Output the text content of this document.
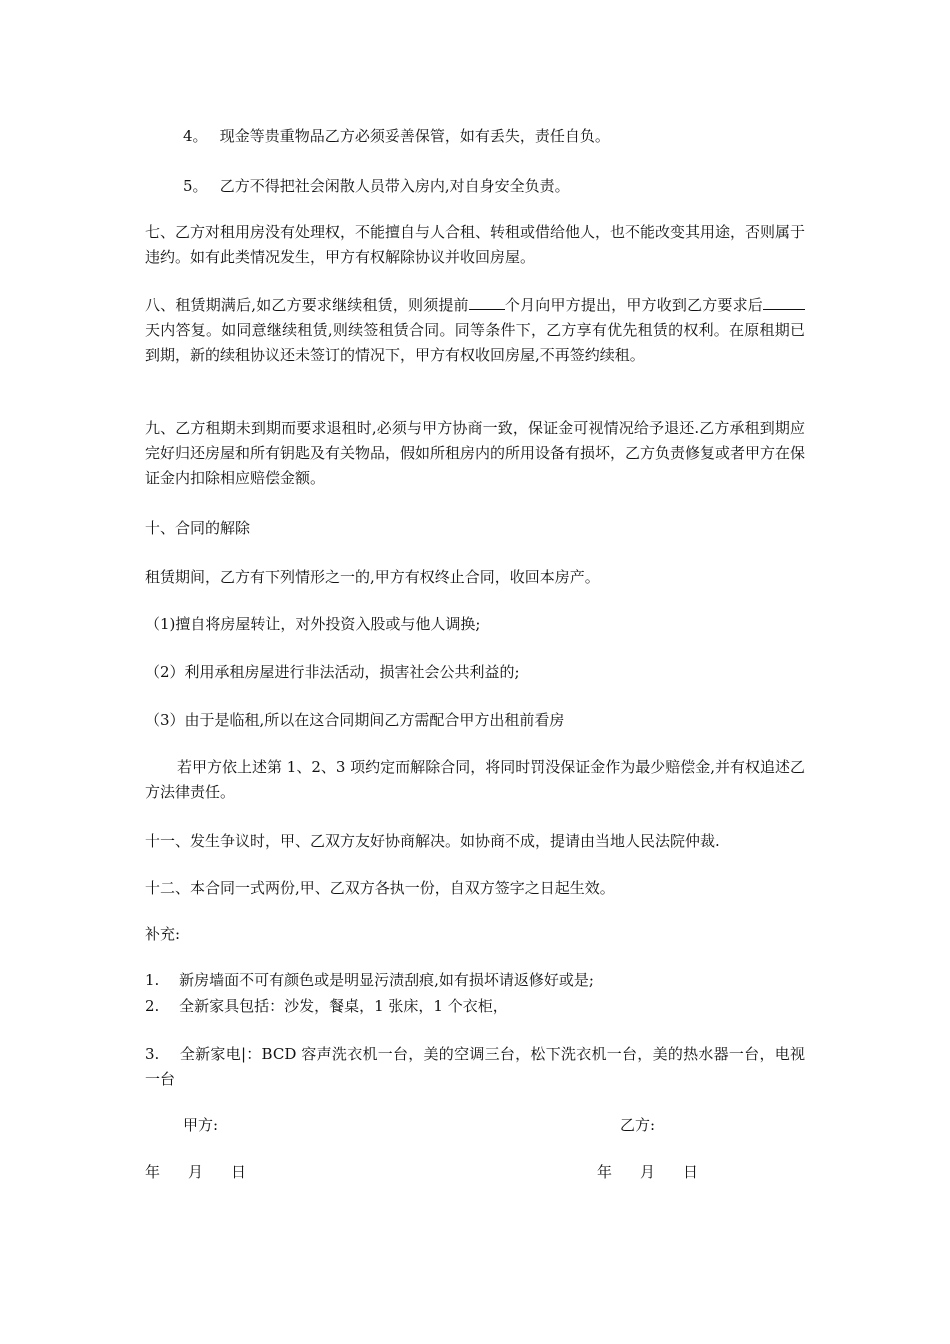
4。　 现金等贵重物品乙方必须妥善保管，如有丢失，责任自负。
5。　 乙方不得把社会闲散人员带入房内,对自身安全负责。
七、乙方对租用房没有处理权，不能擅自与人合租、转租或借给他人，也不能改变其用途，否则属于违约。如有此类情况发生，甲方有权解除协议并收回房屋。
八、租赁期满后,如乙方要求继续租赁，则须提前 个月向甲方提出，甲方收到乙方要求后天内答复。如同意继续租赁,则续签租赁合同。同等条件下，乙方享有优先租赁的权利。在原租期已到期，新的续租协议还未签订的情况下，甲方有权收回房屋,不再签约续租。
九、乙方租期未到期而要求退租时,必须与甲方协商一致，保证金可视情况给予退还.乙方承租到期应完好归还房屋和所有钥匙及有关物品，假如所租房内的所用设备有损坏，乙方负责修复或者甲方在保证金内扣除相应赔偿金额。
十、合同的解除
租赁期间，乙方有下列情形之一的,甲方有权终止合同，收回本房产。
（1)擅自将房屋转让，对外投资入股或与他人调换;
（2）利用承租房屋进行非法活动，损害社会公共利益的;
（3）由于是临租,所以在这合同期间乙方需配合甲方出租前看房
若甲方依上述第 1、2、3 项约定而解除合同，将同时罚没保证金作为最少赔偿金,并有权追述乙方法律责任。
十一、发生争议时，甲、乙双方友好协商解决。如协商不成，提请由当地人民法院仲裁.
十二、本合同一式两份,甲、乙双方各执一份，自双方签字之日起生效。
补充:
1.　 新房墙面不可有颜色或是明显污渍刮痕,如有损坏请返修好或是;
2.　 全新家具包括：沙发，餐桌，1 张床，1 个衣柜，
3.　 全新家电|：BCD 容声洗衣机一台，美的空调三台，松下洗衣机一台，美的热水器一台，电视一台
甲方:	乙方:
年 月 日	年 月 日
